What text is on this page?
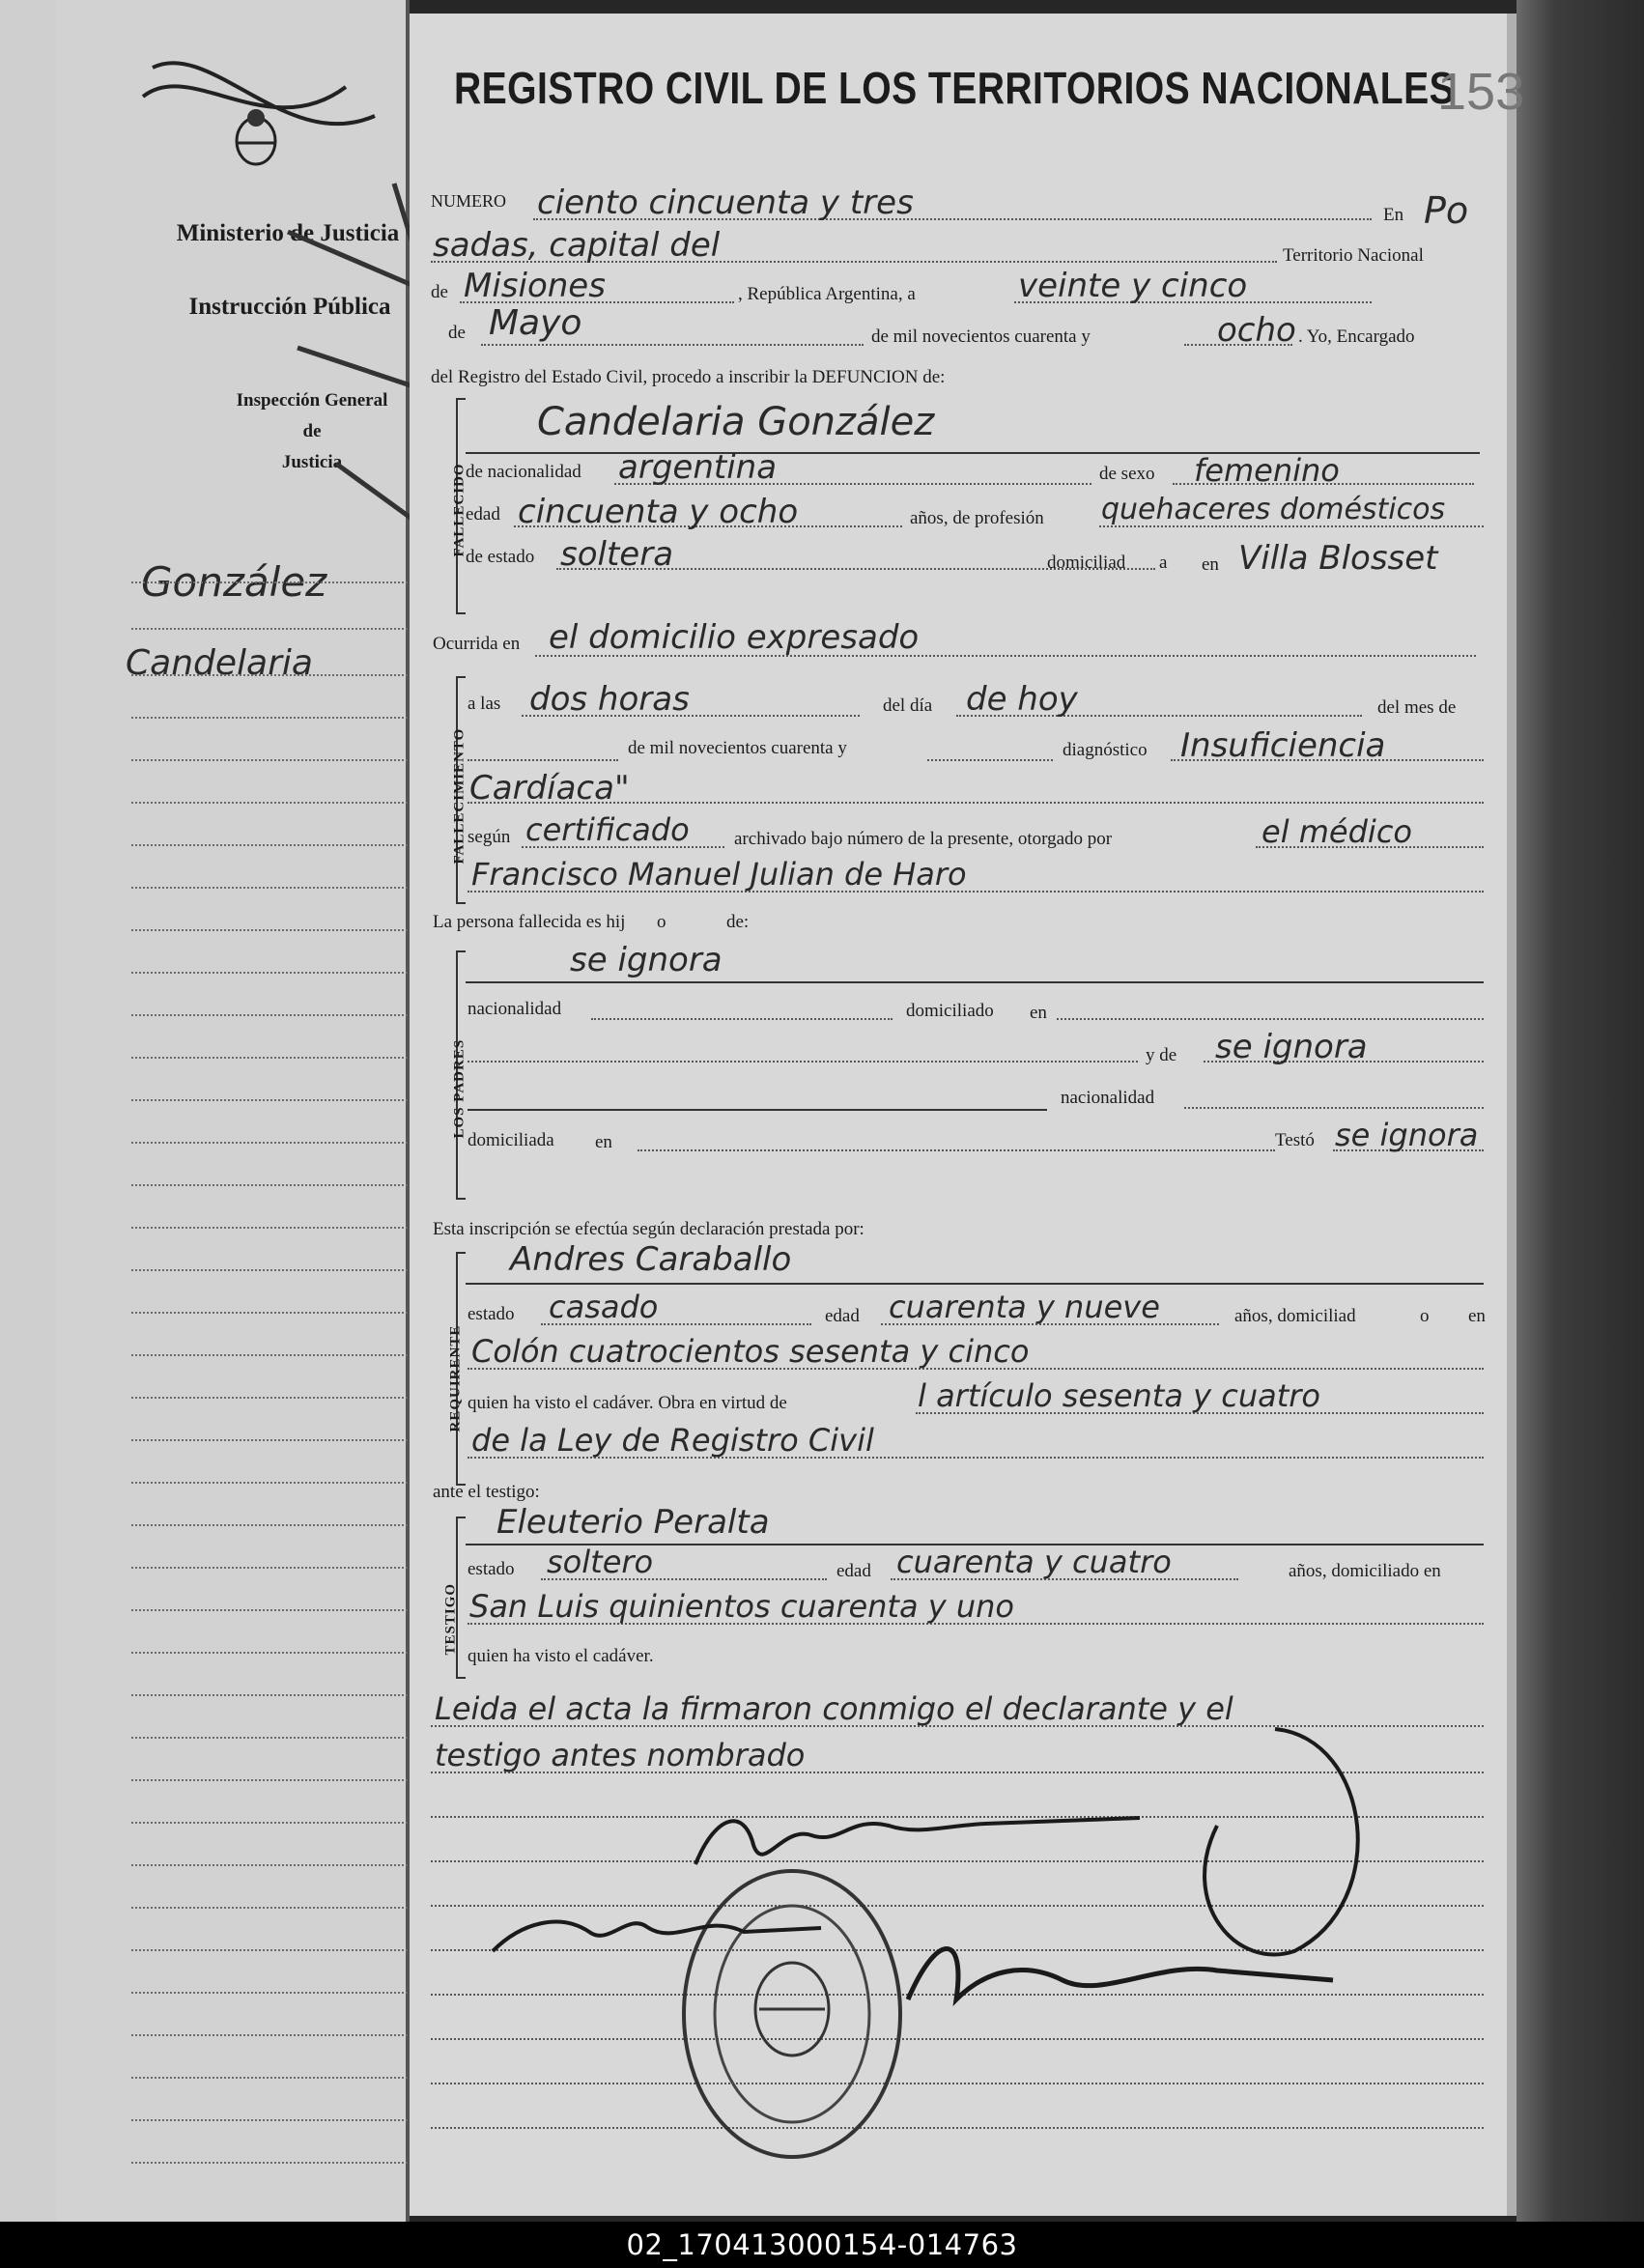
Ministerio de Justicia
Instrucción Pública
Inspección General
de
Justicia
González
Candelaria
REGISTRO CIVIL DE LOS TERRITORIOS NACIONALES
153
NUMERO ciento cincuenta y tres	En Po
sadas, capital del	Territorio Nacional
de Misiones	, República Argentina, a	veinte y cinco
de Mayo	de mil novecientos cuarenta y	ocho . Yo, Encargado
del Registro del Estado Civil, procedo a inscribir la DEFUNCION de:
FALLECIDO
Candelaria González
de nacionalidad argentina	de sexo femenino
edad cincuenta y ocho	años, de profesión quehaceres domésticos
de estado soltera	domiciliad a en Villa Blosset
Ocurrida en el domicilio expresado
FALLECIMIENTO
a las dos horas	del día de hoy	del mes de
de mil novecientos cuarenta y	diagnóstico Insuficiencia
Cardíaca"
según certificado archivado bajo número de la presente, otorgado por	el médico
Francisco Manuel Julian de Haro
La persona fallecida es hij o	de:
LOS PADRES
se ignora
nacionalidad	domiciliado en
y de se ignora
nacionalidad
domiciliada en	Testó se ignora
Esta inscripción se efectúa según declaración prestada por:
REQUIRENTE
Andres Caraballo
estado casado	edad cuarenta y nueve	años, domiciliad	o en
Colón cuatrocientos sesenta y cinco
quien ha visto el cadáver. Obra en virtud de	l artículo sesenta y cuatro
de la Ley de Registro Civil
ante el testigo:
TESTIGO
Eleuterio Peralta
estado soltero	edad cuarenta y cuatro	años, domiciliado en
San Luis quinientos cuarenta y uno
quien ha visto el cadáver.
Leida el acta la firmaron conmigo el declarante y el
testigo antes nombrado
02_170413000154-014763
